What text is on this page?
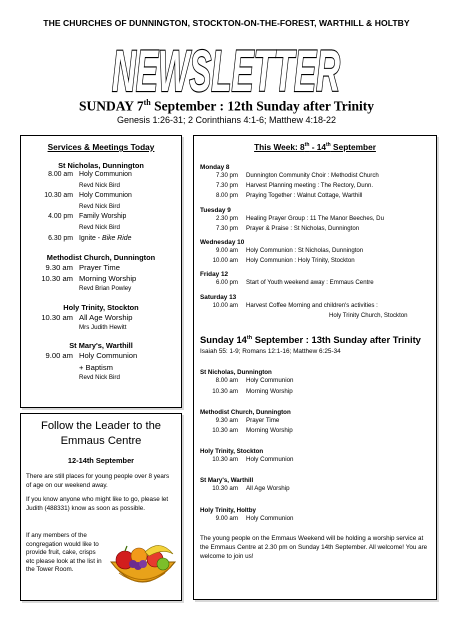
THE CHURCHES OF DUNNINGTON, STOCKTON-ON-THE-FOREST, WARTHILL & HOLTBY
NEWSLETTER
SUNDAY 7th September : 12th Sunday after Trinity
Genesis 1:26-31; 2 Corinthians 4:1-6; Matthew 4:18-22
Services & Meetings Today
St Nicholas, Dunnington
8.00 am Holy Communion
Revd Nick Bird
10.30 am Holy Communion
Revd Nick Bird
4.00 pm Family Worship
Revd Nick Bird
6.30 pm Ignite - Bike Ride
Methodist Church, Dunnington
9.30 am Prayer Time
10.30 am Morning Worship
Revd Brian Powley
Holy Trinity, Stockton
10.30 am All Age Worship
Mrs Judith Hewitt
St Mary's, Warthill
9.00 am Holy Communion
+ Baptism
Revd Nick Bird
Follow the Leader to the
Emmaus Centre
12-14th September
There are still places for young people over 8 years of age on our weekend away.
If you know anyone who might like to go, please let Judith (488331) know as soon as possible.
If any members of the congregation would like to provide fruit, cake, crisps etc please look at the list in the Tower Room.
This Week: 8th - 14th September
Monday 8
7.30 pm	Dunnington Community Choir : Methodist Church
7.30 pm	Harvest Planning meeting : The Rectory, Dunn.
8.00 pm	Praying Together : Walnut Cottage, Warthill
Tuesday 9
2.30 pm	Healing Prayer Group : 11 The Manor Beeches, Du
7.30 pm	Prayer & Praise : St Nicholas, Dunnington
Wednesday 10
9.00 am	Holy Communion : St Nicholas, Dunnington
10.00 am	Holy Communion : Holy Trinity, Stockton
Friday 12
6.00 pm	Start of Youth weekend away : Emmaus Centre
Saturday 13
10.00 am	Harvest Coffee Morning and children's activities :
Holy Trinity Church, Stockton
Sunday 14th September : 13th Sunday after Trinity
Isaiah 55: 1-9; Romans 12:1-16; Matthew 6:25-34
St Nicholas, Dunnington
8.00 am	Holy Communion
10.30 am	Morning Worship
Methodist Church, Dunnington
9.30 am	Prayer Time
10.30 am	Morning Worship
Holy Trinity, Stockton
10.30 am	Holy Communion
St Mary's, Warthill
10.30 am	All Age Worship
Holy Trinity, Holtby
9.00 am	Holy Communion
The young people on the Emmaus Weekend will be holding a worship service at the Emmaus Centre at 2.30 pm on Sunday 14th September. All welcome! You are welcome to join us!
